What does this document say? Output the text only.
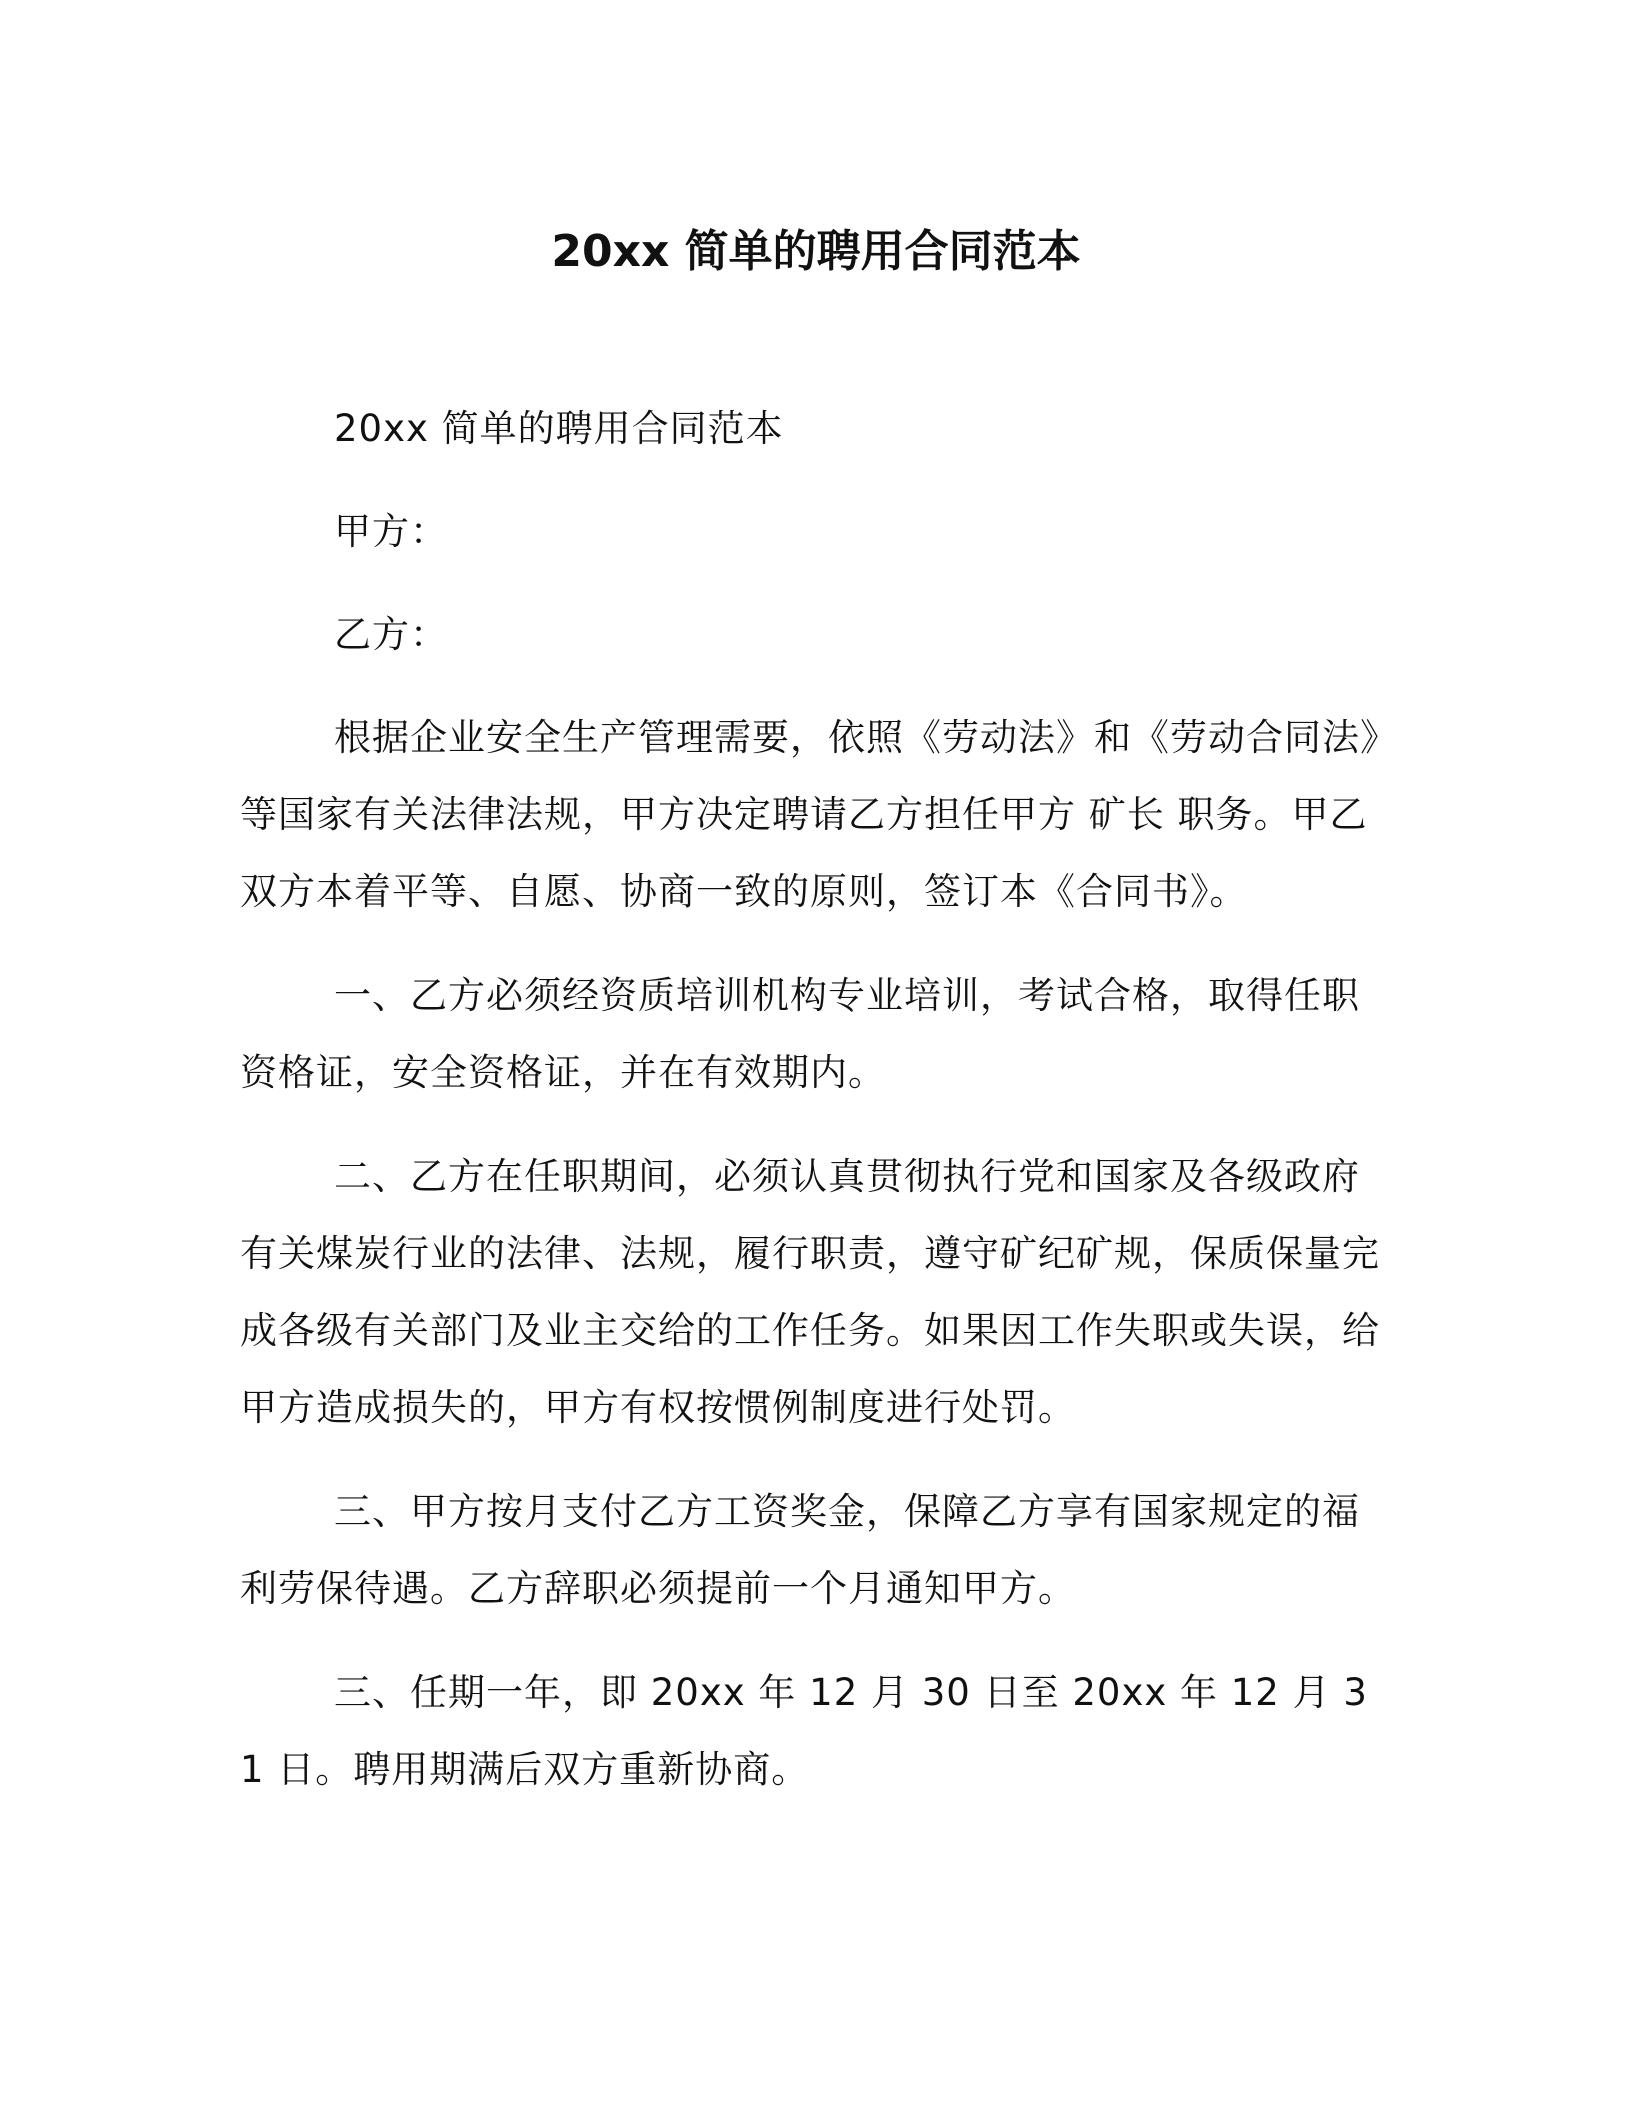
20xx 简单的聘用合同范本

20xx 简单的聘用合同范本

甲方：

乙方：

根据企业安全生产管理需要，依照《劳动法》和《劳动合同法》等国家有关法律法规，甲方决定聘请乙方担任甲方 矿长 职务。甲乙双方本着平等、自愿、协商一致的原则，签订本《合同书》。

一、乙方必须经资质培训机构专业培训，考试合格，取得任职资格证，安全资格证，并在有效期内。

二、乙方在任职期间，必须认真贯彻执行党和国家及各级政府有关煤炭行业的法律、法规，履行职责，遵守矿纪矿规，保质保量完成各级有关部门及业主交给的工作任务。如果因工作失职或失误，给甲方造成损失的，甲方有权按惯例制度进行处罚。

三、甲方按月支付乙方工资奖金，保障乙方享有国家规定的福利劳保待遇。乙方辞职必须提前一个月通知甲方。

三、任期一年，即 20xx 年 12 月 30 日至 20xx 年 12 月 31 日。聘用期满后双方重新协商。
